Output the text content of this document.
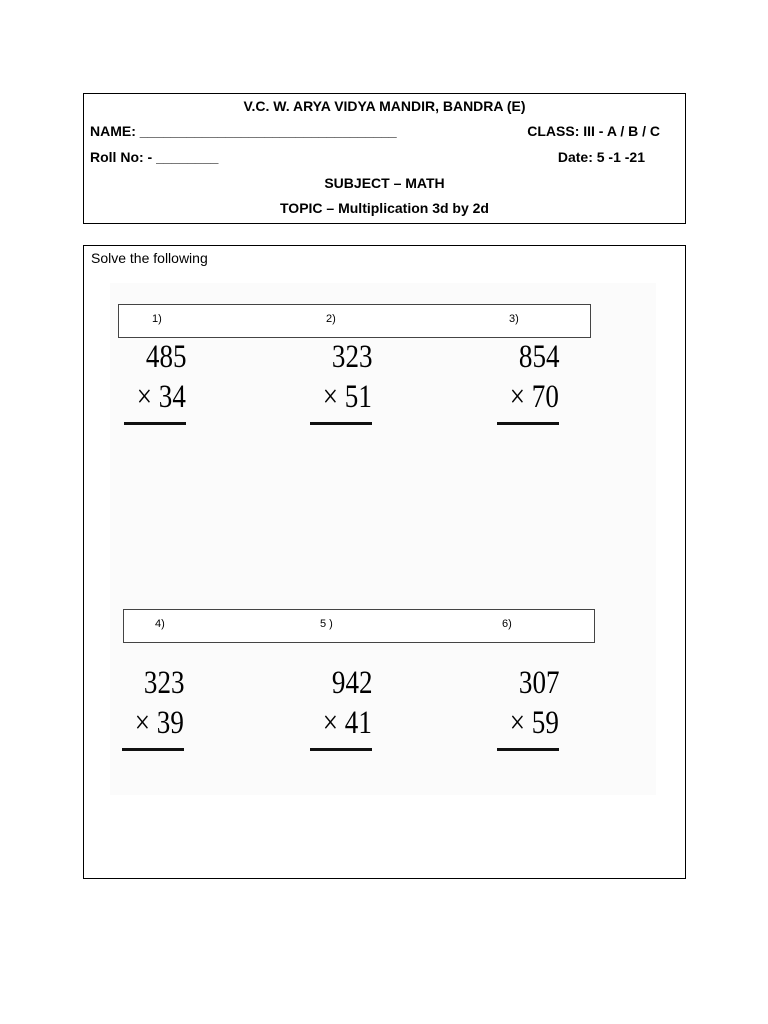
V.C. W. ARYA VIDYA MANDIR, BANDRA (E)
NAME: _________________________________	CLASS: III - A / B / C
Roll No: - ________	Date: 5 -1 -21
SUBJECT – MATH
TOPIC – Multiplication 3d by 2d
Solve the following
1)	2)	3)
4)	5 )	6)
485
× 34
323
× 51
854
× 70
323
× 39
942
× 41
307
× 59
